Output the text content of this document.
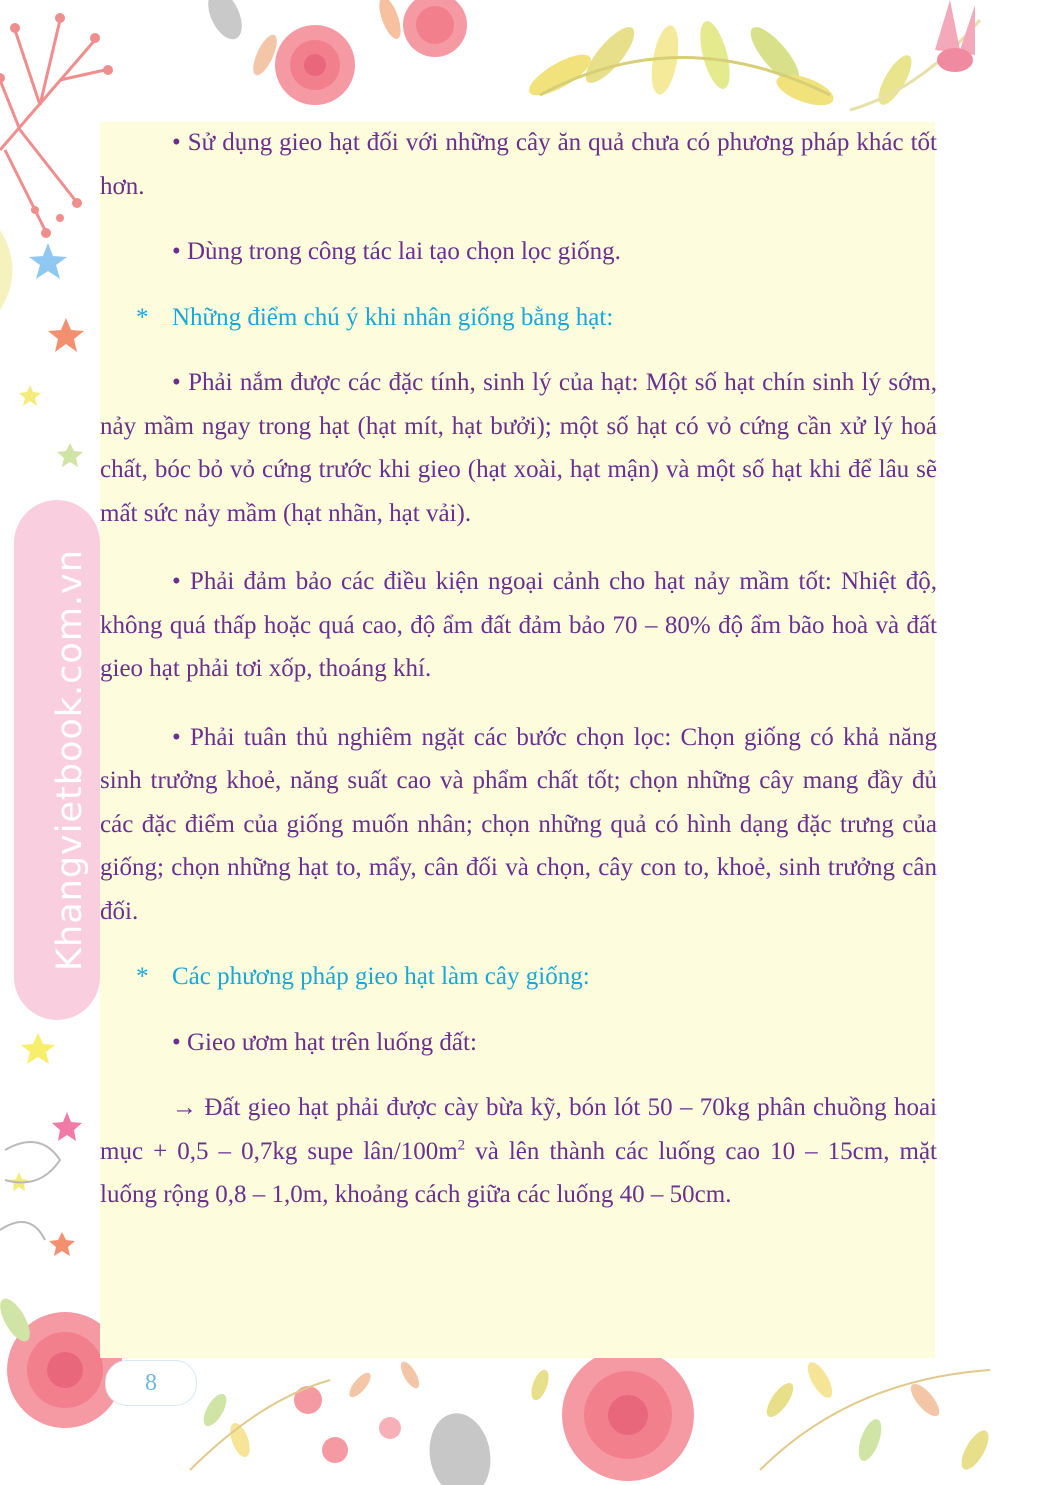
Khangvietbook.com.vn

• Sử dụng gieo hạt đối với những cây ăn quả chưa có phương pháp khác tốt hơn.

• Dùng trong công tác lai tạo chọn lọc giống.

* Những điểm chú ý khi nhân giống bằng hạt:

• Phải nắm được các đặc tính, sinh lý của hạt: Một số hạt chín sinh lý sớm, nảy mầm ngay trong hạt (hạt mít, hạt bưởi); một số hạt có vỏ cứng cần xử lý hoá chất, bóc bỏ vỏ cứng trước khi gieo (hạt xoài, hạt mận) và một số hạt khi để lâu sẽ mất sức nảy mầm (hạt nhãn, hạt vải).

• Phải đảm bảo các điều kiện ngoại cảnh cho hạt nảy mầm tốt: Nhiệt độ, không quá thấp hoặc quá cao, độ ẩm đất đảm bảo 70 – 80% độ ẩm bão hoà và đất gieo hạt phải tơi xốp, thoáng khí.

• Phải tuân thủ nghiêm ngặt các bước chọn lọc: Chọn giống có khả năng sinh trưởng khoẻ, năng suất cao và phẩm chất tốt; chọn những cây mang đầy đủ các đặc điểm của giống muốn nhân; chọn những quả có hình dạng đặc trưng của giống; chọn những hạt to, mẩy, cân đối và chọn, cây con to, khoẻ, sinh trưởng cân đối.

* Các phương pháp gieo hạt làm cây giống:

• Gieo ươm hạt trên luống đất:

→ Đất gieo hạt phải được cày bừa kỹ, bón lót 50 – 70kg phân chuồng hoai mục + 0,5 – 0,7kg supe lân/$100m^2$ và lên thành các luống cao 10 – 15cm, mặt luống rộng 0,8 – 1,0m, khoảng cách giữa các luống 40 – 50cm.

8
